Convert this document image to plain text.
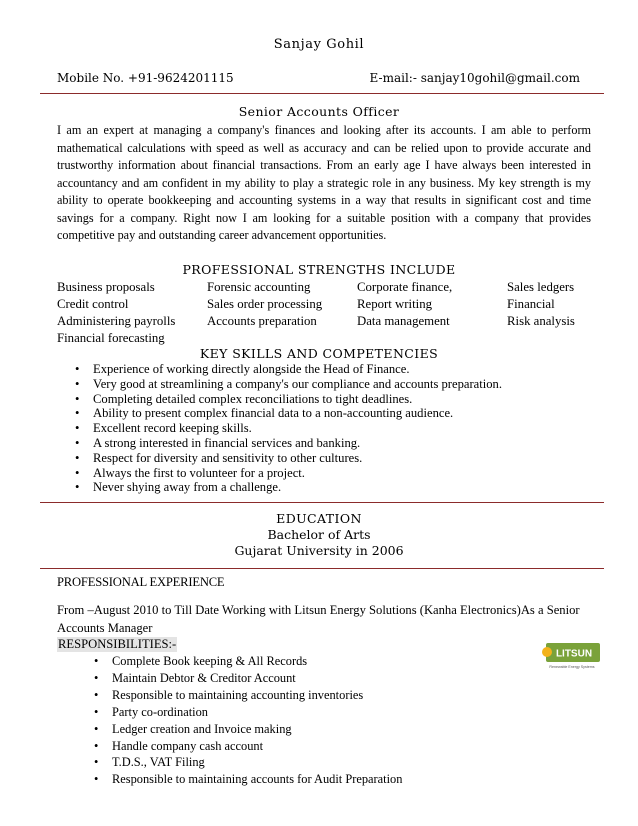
Sanjay Gohil
Mobile No. +91-9624201115	E-mail:- sanjay10gohil@gmail.com
Senior Accounts Officer
I am an expert at managing a company's finances and looking after its accounts. I am able to perform mathematical calculations with speed as well as accuracy and can be relied upon to provide accurate and trustworthy information about financial transactions. From an early age I have always been interested in accountancy and am confident in my ability to play a strategic role in any business. My key strength is my ability to operate bookkeeping and accounting systems in a way that results in significant cost and time savings for a company. Right now I am looking for a suitable position with a company that provides competitive pay and outstanding career advancement opportunities.
PROFESSIONAL STRENGTHS INCLUDE
Business proposals	Forensic accounting	Corporate finance,	Sales ledgers
Credit control	Sales order processing	Report writing	Financial
Administering payrolls	Accounts preparation	Data management	Risk analysis
Financial forecasting
KEY SKILLS AND COMPETENCIES
• Experience of working directly alongside the Head of Finance.
• Very good at streamlining a company's our compliance and accounts preparation.
• Completing detailed complex reconciliations to tight deadlines.
• Ability to present complex financial data to a non-accounting audience.
• Excellent record keeping skills.
• A strong interested in financial services and banking.
• Respect for diversity and sensitivity to other cultures.
• Always the first to volunteer for a project.
• Never shying away from a challenge.
EDUCATION
Bachelor of Arts
Gujarat University in 2006
PROFESSIONAL EXPERIENCE
From –August 2010 to Till Date Working with Litsun Energy Solutions (Kanha Electronics)As a Senior Accounts Manager
RESPONSIBILITIES:-
• Complete Book keeping & All Records
• Maintain Debtor & Creditor Account
• Responsible to maintaining accounting inventories
• Party co-ordination
• Ledger creation and Invoice making
• Handle company cash account
• T.D.S., VAT Filing
• Responsible to maintaining accounts for Audit Preparation
LITSUN
Renewable Energy Systems
